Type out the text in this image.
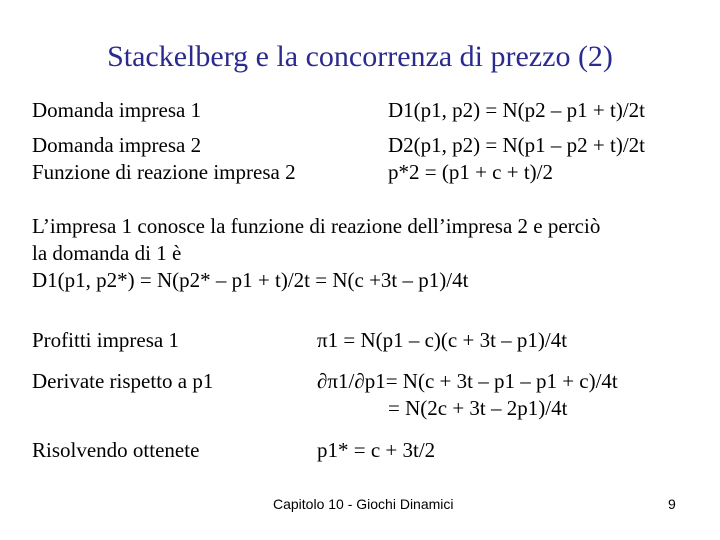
Stackelberg e la concorrenza di prezzo (2)
Domanda impresa 1	D1(p1, p2) = N(p2 – p1 + t)/2t
Domanda impresa 2	D2(p1, p2) = N(p1 – p2 + t)/2t
Funzione di reazione impresa 2	p*2 = (p1 + c + t)/2
L’impresa 1 conosce la funzione di reazione dell’impresa 2 e perciò
la domanda di 1 è
D1(p1, p2*) = N(p2* – p1 + t)/2t = N(c +3t – p1)/4t
Profitti impresa 1	π1 = N(p1 – c)(c + 3t – p1)/4t
Derivate rispetto a p1	∂π1/∂p1= N(c + 3t – p1 – p1 + c)/4t
= N(2c + 3t – 2p1)/4t
Risolvendo ottenete	p1* = c + 3t/2
Capitolo 10 - Giochi Dinamici	9
